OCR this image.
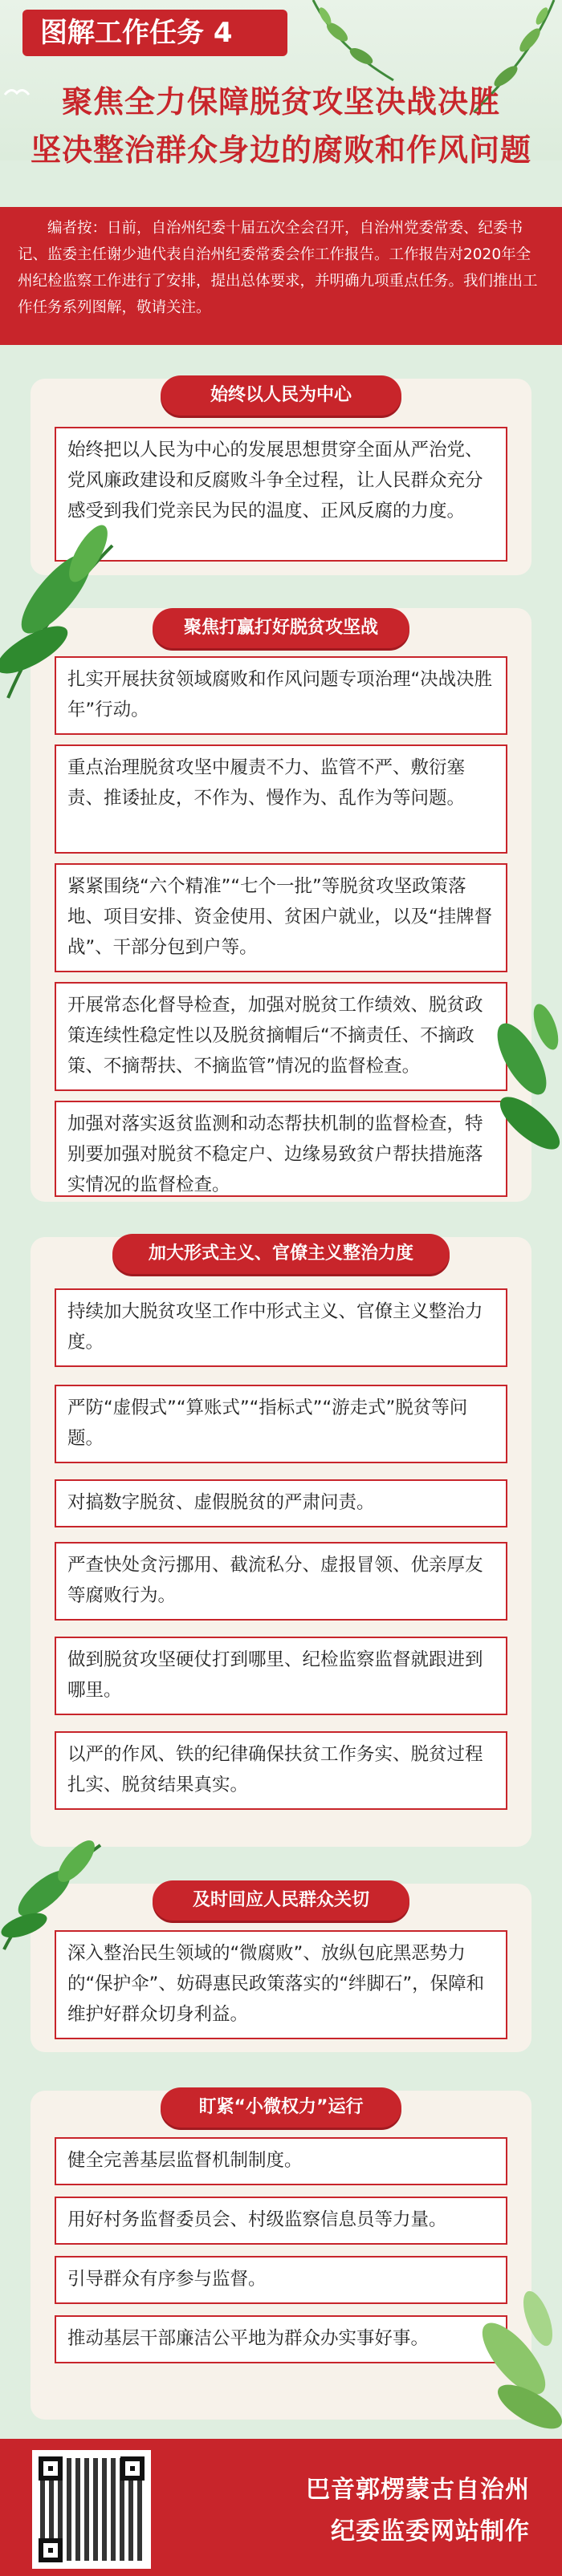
图解工作任务 4
聚焦全力保障脱贫攻坚决战决胜
坚决整治群众身边的腐败和作风问题
编者按：日前，自治州纪委十届五次全会召开，自治州党委常委、纪委书记、监委主任谢少迪代表自治州纪委常委会作工作报告。工作报告对2020年全州纪检监察工作进行了安排，提出总体要求，并明确九项重点任务。我们推出工作任务系列图解，敬请关注。
始终以人民为中心
始终把以人民为中心的发展思想贯穿全面从严治党、党风廉政建设和反腐败斗争全过程，让人民群众充分感受到我们党亲民为民的温度、正风反腐的力度。
聚焦打赢打好脱贫攻坚战
扎实开展扶贫领域腐败和作风问题专项治理“决战决胜年”行动。
重点治理脱贫攻坚中履责不力、监管不严、敷衍塞责、推诿扯皮，不作为、慢作为、乱作为等问题。
紧紧围绕“六个精准”“七个一批”等脱贫攻坚政策落地、项目安排、资金使用、贫困户就业，以及“挂牌督战”、干部分包到户等。
开展常态化督导检查，加强对脱贫工作绩效、脱贫政策连续性稳定性以及脱贫摘帽后“不摘责任、不摘政策、不摘帮扶、不摘监管”情况的监督检查。
加强对落实返贫监测和动态帮扶机制的监督检查，特别要加强对脱贫不稳定户、边缘易致贫户帮扶措施落实情况的监督检查。
加大形式主义、官僚主义整治力度
持续加大脱贫攻坚工作中形式主义、官僚主义整治力度。
严防“虚假式”“算账式”“指标式”“游走式”脱贫等问题。
对搞数字脱贫、虚假脱贫的严肃问责。
严查快处贪污挪用、截流私分、虚报冒领、优亲厚友等腐败行为。
做到脱贫攻坚硬仗打到哪里、纪检监察监督就跟进到哪里。
以严的作风、铁的纪律确保扶贫工作务实、脱贫过程扎实、脱贫结果真实。
及时回应人民群众关切
深入整治民生领域的“微腐败”、放纵包庇黑恶势力的“保护伞”、妨碍惠民政策落实的“绊脚石”，保障和维护好群众切身利益。
盯紧“小微权力”运行
健全完善基层监督机制制度。
用好村务监督委员会、村级监察信息员等力量。
引导群众有序参与监督。
推动基层干部廉洁公平地为群众办实事好事。
巴音郭楞蒙古自治州
纪委监委网站制作
